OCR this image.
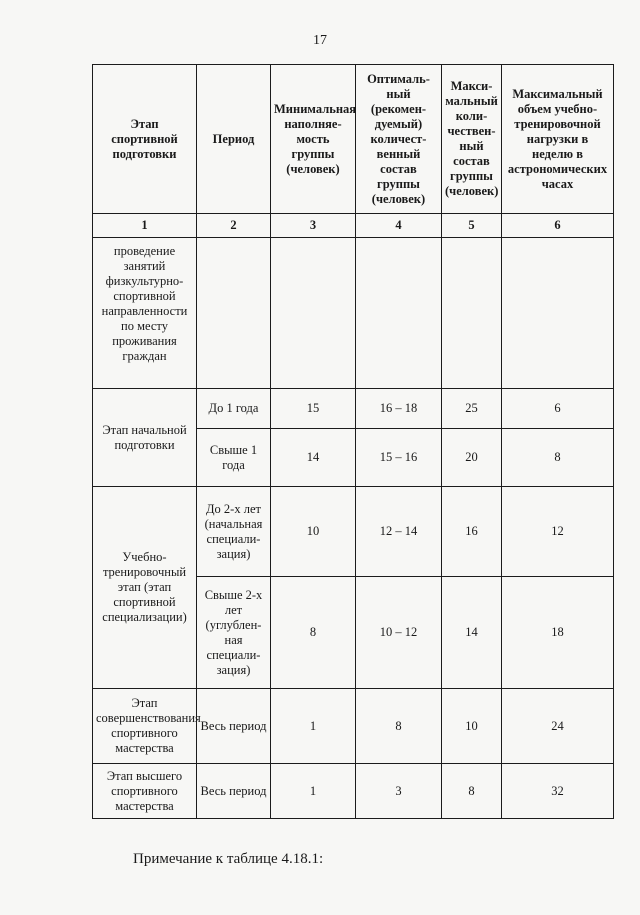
17
Этап спортивной подготовки	Период	Минимальная наполняе-мость группы (человек)	Оптималь-ный (рекомен-дуемый) количест-венный состав группы (человек)	Макси-мальный коли-чествен-ный состав группы (человек)	Максимальный объем учебно-тренировочной нагрузки в неделю в астрономических часах
1	2	3	4	5	6
проведение занятий физкультурно-спортивной направленности по месту проживания граждан					
Этап начальной подготовки	До 1 года	15	16 – 18	25	6
	Свыше 1 года	14	15 – 16	20	8
Учебно-тренировочный этап (этап спортивной специализации)	До 2-х лет (начальная специали-зация)	10	12 – 14	16	12
	Свыше 2-х лет (углублен-ная специали-зация)	8	10 – 12	14	18
Этап совершенствования спортивного мастерства	Весь период	1	8	10	24
Этап высшего спортивного мастерства	Весь период	1	3	8	32
Примечание к таблице 4.18.1:
